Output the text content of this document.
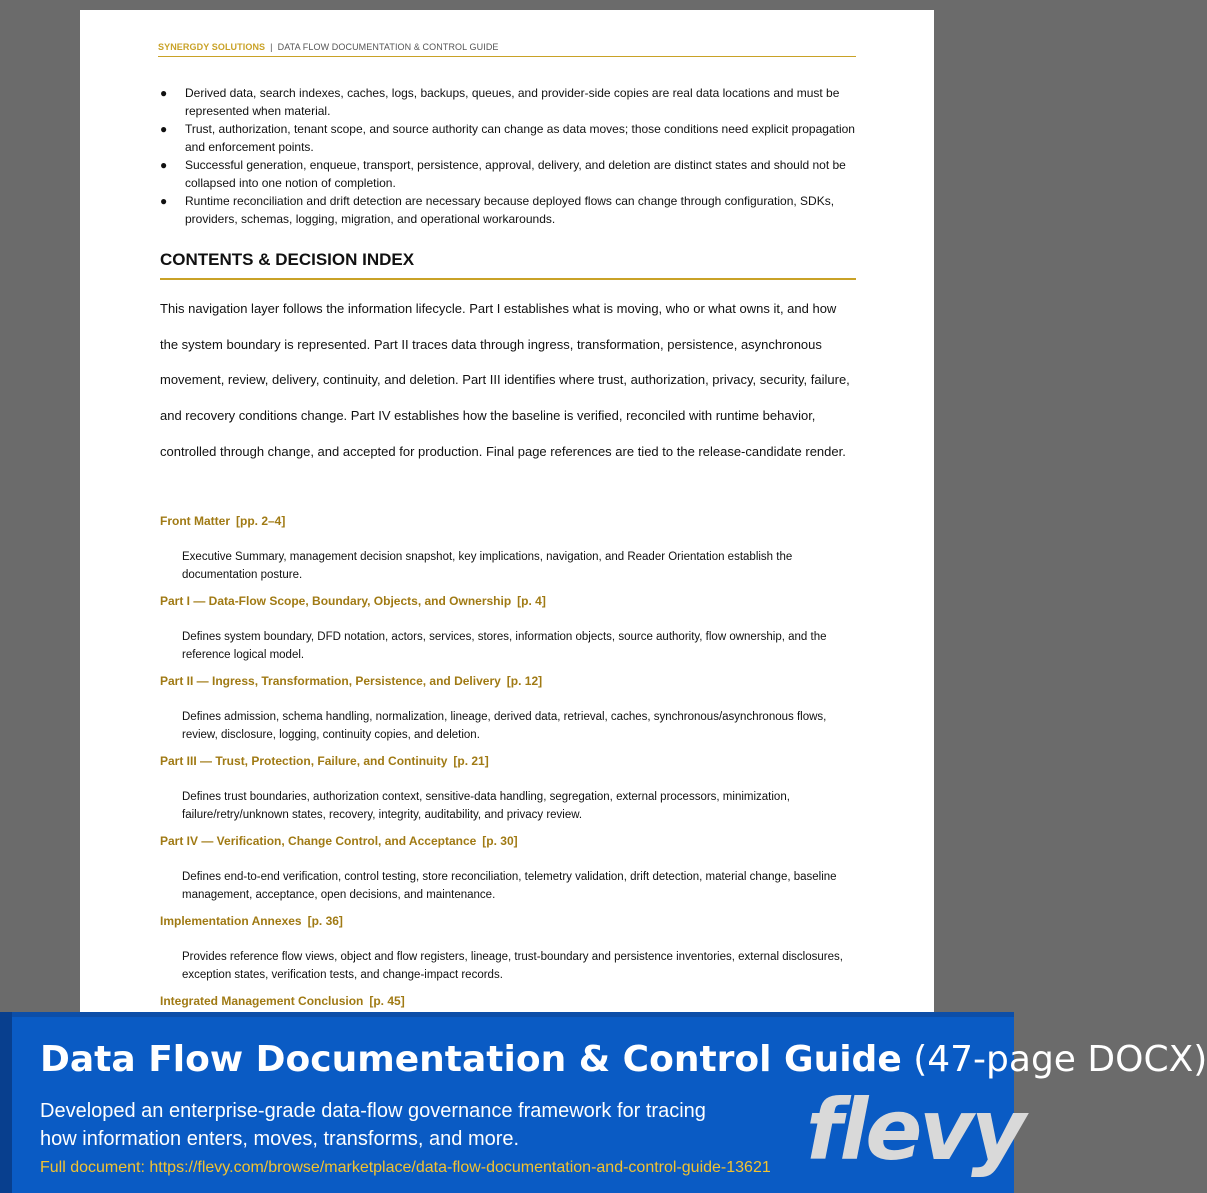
SYNERGDY SOLUTIONS | DATA FLOW DOCUMENTATION & CONTROL GUIDE
● Derived data, search indexes, caches, logs, backups, queues, and provider-side copies are real data locations and must be represented when material.
● Trust, authorization, tenant scope, and source authority can change as data moves; those conditions need explicit propagation and enforcement points.
● Successful generation, enqueue, transport, persistence, approval, delivery, and deletion are distinct states and should not be collapsed into one notion of completion.
● Runtime reconciliation and drift detection are necessary because deployed flows can change through configuration, SDKs, providers, schemas, logging, migration, and operational workarounds.
CONTENTS & DECISION INDEX

This navigation layer follows the information lifecycle. Part I establishes what is moving, who or what owns it, and how the system boundary is represented. Part II traces data through ingress, transformation, persistence, asynchronous movement, review, delivery, continuity, and deletion. Part III identifies where trust, authorization, privacy, security, failure, and recovery conditions change. Part IV establishes how the baseline is verified, reconciled with runtime behavior, controlled through change, and accepted for production. Final page references are tied to the release-candidate render.

Front Matter [pp. 2–4]
Executive Summary, management decision snapshot, key implications, navigation, and Reader Orientation establish the documentation posture.
Part I — Data-Flow Scope, Boundary, Objects, and Ownership [p. 4]
Defines system boundary, DFD notation, actors, services, stores, information objects, source authority, flow ownership, and the reference logical model.
Part II — Ingress, Transformation, Persistence, and Delivery [p. 12]
Defines admission, schema handling, normalization, lineage, derived data, retrieval, caches, synchronous/asynchronous flows, review, disclosure, logging, continuity copies, and deletion.
Part III — Trust, Protection, Failure, and Continuity [p. 21]
Defines trust boundaries, authorization context, sensitive-data handling, segregation, external processors, minimization, failure/retry/unknown states, recovery, integrity, auditability, and privacy review.
Part IV — Verification, Change Control, and Acceptance [p. 30]
Defines end-to-end verification, control testing, store reconciliation, telemetry validation, drift detection, material change, baseline management, acceptance, open decisions, and maintenance.
Implementation Annexes [p. 36]
Provides reference flow views, object and flow registers, lineage, trust-boundary and persistence inventories, external disclosures, exception states, verification tests, and change-impact records.
Integrated Management Conclusion [p. 45]
Data Flow Documentation & Control Guide (47-page DOCX)
Developed an enterprise-grade data-flow governance framework for tracing how information enters, moves, transforms, and more.
Full document: https://flevy.com/browse/marketplace/data-flow-documentation-and-control-guide-13621 flevy
